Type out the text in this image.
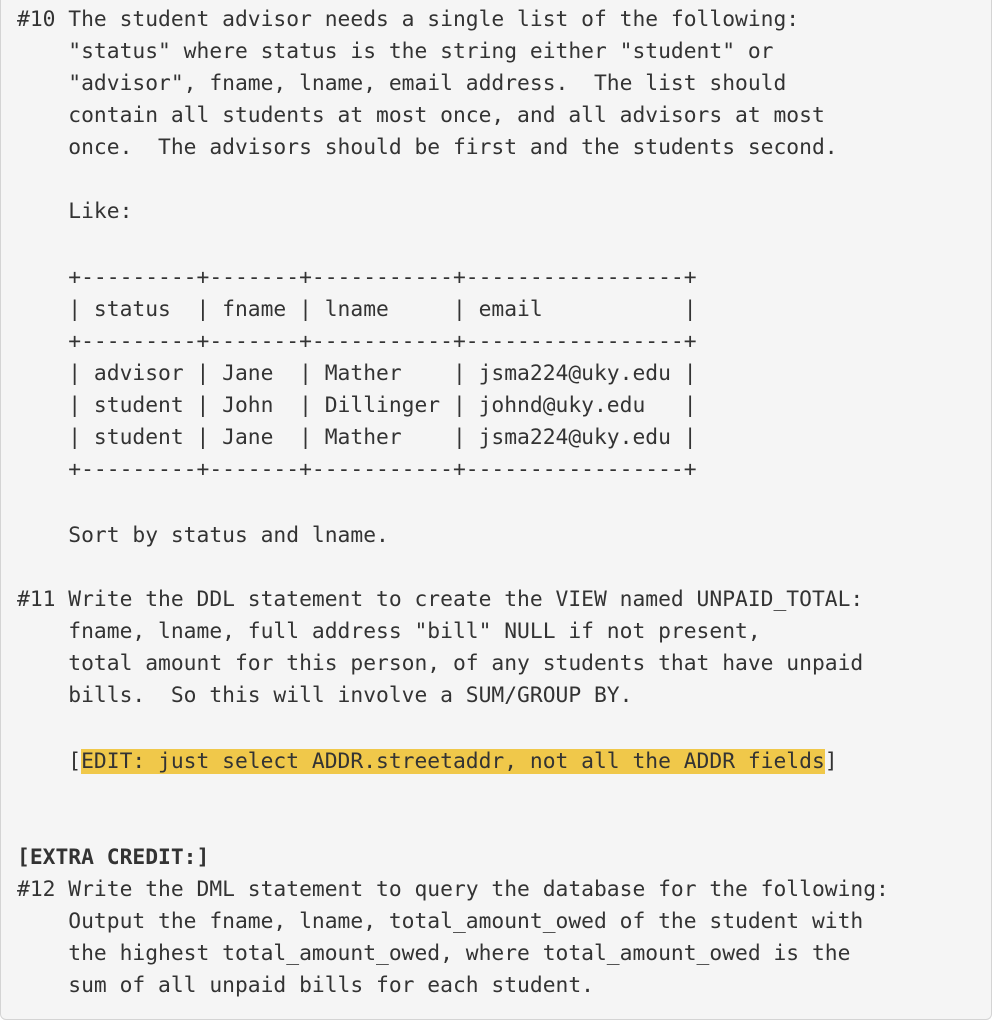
#10 The student advisor needs a single list of the following:
"status" where status is the string either "student" or
"advisor", fname, lname, email address.  The list should
contain all students at most once, and all advisors at most
once.  The advisors should be first and the students second.
Like:
+---------+-------+-----------+-----------------+
| status  | fname | lname     | email           |
+---------+-------+-----------+-----------------+
| advisor | Jane  | Mather    | jsma224@uky.edu |
| student | John  | Dillinger | johnd@uky.edu   |
| student | Jane  | Mather    | jsma224@uky.edu |
+---------+-------+-----------+-----------------+
Sort by status and lname.
#11 Write the DDL statement to create the VIEW named UNPAID_TOTAL:
fname, lname, full address "bill" NULL if not present,
total amount for this person, of any students that have unpaid
bills.  So this will involve a SUM/GROUP BY.
[EDIT: just select ADDR.streetaddr, not all the ADDR fields]
[EXTRA CREDIT:]
#12 Write the DML statement to query the database for the following:
Output the fname, lname, total_amount_owed of the student with
the highest total_amount_owed, where total_amount_owed is the
sum of all unpaid bills for each student.
